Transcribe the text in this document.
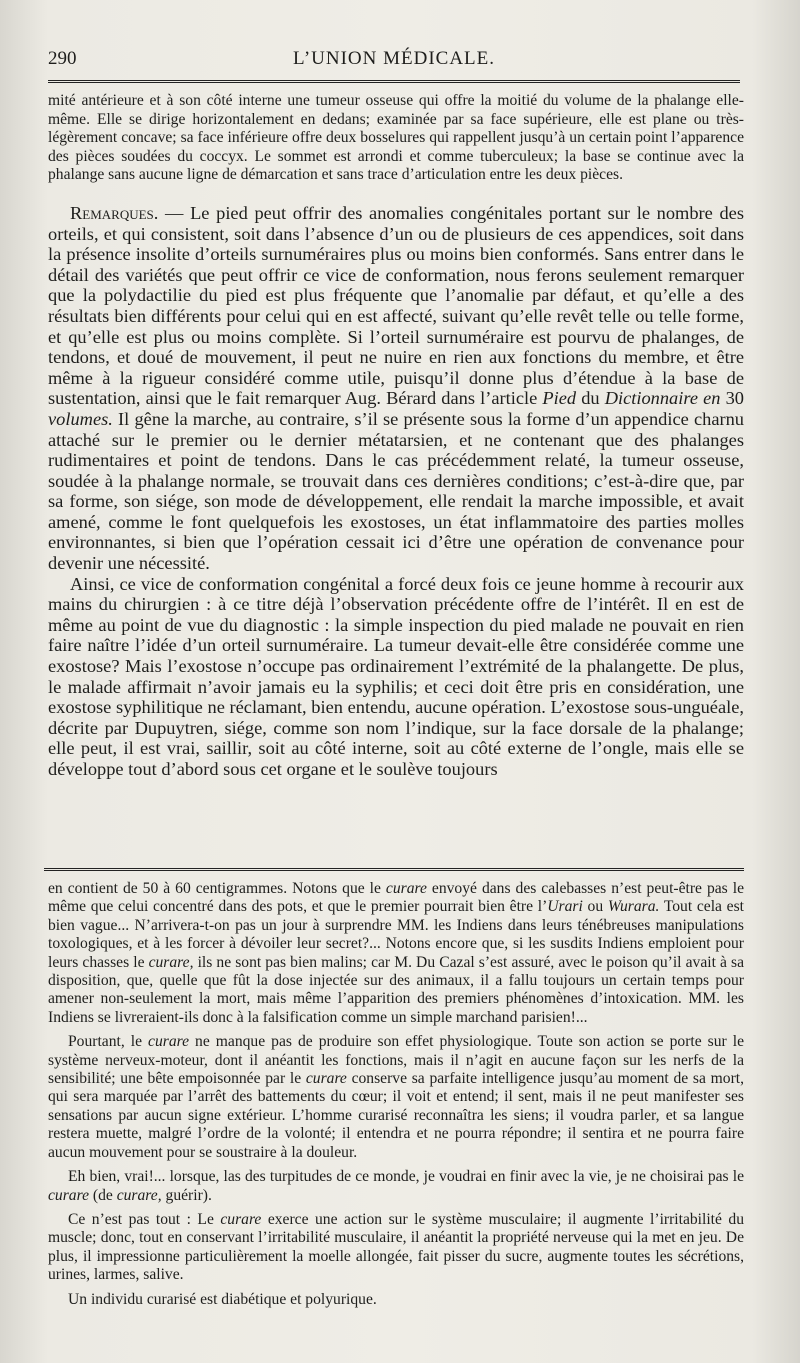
290	L’UNION MÉDICALE.

mité antérieure et à son côté interne une tumeur osseuse qui offre la moitié du volume de la phalange elle-même. Elle se dirige horizontalement en dedans; examinée par sa face supérieure, elle est plane ou très-légèrement concave; sa face inférieure offre deux bosselures qui rappellent jusqu’à un certain point l’apparence des pièces soudées du coccyx. Le sommet est arrondi et comme tuberculeux; la base se continue avec la phalange sans aucune ligne de démarcation et sans trace d’articulation entre les deux pièces.

Remarques. — Le pied peut offrir des anomalies congénitales portant sur le nombre des orteils, et qui consistent, soit dans l’absence d’un ou de plusieurs de ces appendices, soit dans la présence insolite d’orteils surnuméraires plus ou moins bien conformés. Sans entrer dans le détail des variétés que peut offrir ce vice de conformation, nous ferons seulement remarquer que la polydactilie du pied est plus fréquente que l’anomalie par défaut, et qu’elle a des résultats bien différents pour celui qui en est affecté, suivant qu’elle revêt telle ou telle forme, et qu’elle est plus ou moins complète. Si l’orteil surnuméraire est pourvu de phalanges, de tendons, et doué de mouvement, il peut ne nuire en rien aux fonctions du membre, et être même à la rigueur considéré comme utile, puisqu’il donne plus d’étendue à la base de sustentation, ainsi que le fait remarquer Aug. Bérard dans l’article Pied du Dictionnaire en 30 volumes. Il gêne la marche, au contraire, s’il se présente sous la forme d’un appendice charnu attaché sur le premier ou le dernier métatarsien, et ne contenant que des phalanges rudimentaires et point de tendons. Dans le cas précédemment relaté, la tumeur osseuse, soudée à la phalange normale, se trouvait dans ces dernières conditions; c’est-à-dire que, par sa forme, son siége, son mode de développement, elle rendait la marche impossible, et avait amené, comme le font quelquefois les exostoses, un état inflammatoire des parties molles environnantes, si bien que l’opération cessait ici d’être une opération de convenance pour devenir une nécessité.

Ainsi, ce vice de conformation congénital a forcé deux fois ce jeune homme à recourir aux mains du chirurgien : à ce titre déjà l’observation précédente offre de l’intérêt. Il en est de même au point de vue du diagnostic : la simple inspection du pied malade ne pouvait en rien faire naître l’idée d’un orteil surnuméraire. La tumeur devait-elle être considérée comme une exostose? Mais l’exostose n’occupe pas ordinairement l’extrémité de la phalangette. De plus, le malade affirmait n’avoir jamais eu la syphilis; et ceci doit être pris en considération, une exostose syphilitique ne réclamant, bien entendu, aucune opération. L’exostose sous-unguéale, décrite par Dupuytren, siége, comme son nom l’indique, sur la face dorsale de la phalange; elle peut, il est vrai, saillir, soit au côté interne, soit au côté externe de l’ongle, mais elle se développe tout d’abord sous cet organe et le soulève toujours

en contient de 50 à 60 centigrammes. Notons que le curare envoyé dans des calebasses n’est peut-être pas le même que celui concentré dans des pots, et que le premier pourrait bien être l’Urari ou Wurara. Tout cela est bien vague... N’arrivera-t-on pas un jour à surprendre MM. les Indiens dans leurs ténébreuses manipulations toxologiques, et à les forcer à dévoiler leur secret?... Notons encore que, si les susdits Indiens emploient pour leurs chasses le curare, ils ne sont pas bien malins; car M. Du Cazal s’est assuré, avec le poison qu’il avait à sa disposition, que, quelle que fût la dose injectée sur des animaux, il a fallu toujours un certain temps pour amener non-seulement la mort, mais même l’apparition des premiers phénomènes d’intoxication. MM. les Indiens se livreraient-ils donc à la falsification comme un simple marchand parisien!...

Pourtant, le curare ne manque pas de produire son effet physiologique. Toute son action se porte sur le système nerveux-moteur, dont il anéantit les fonctions, mais il n’agit en aucune façon sur les nerfs de la sensibilité; une bête empoisonnée par le curare conserve sa parfaite intelligence jusqu’au moment de sa mort, qui sera marquée par l’arrêt des battements du cœur; il voit et entend; il sent, mais il ne peut manifester ses sensations par aucun signe extérieur. L’homme curarisé reconnaîtra les siens; il voudra parler, et sa langue restera muette, malgré l’ordre de la volonté; il entendra et ne pourra répondre; il sentira et ne pourra faire aucun mouvement pour se soustraire à la douleur.

Eh bien, vrai!... lorsque, las des turpitudes de ce monde, je voudrai en finir avec la vie, je ne choisirai pas le curare (de curare, guérir).

Ce n’est pas tout : Le curare exerce une action sur le système musculaire; il augmente l’irritabilité du muscle; donc, tout en conservant l’irritabilité musculaire, il anéantit la propriété nerveuse qui la met en jeu. De plus, il impressionne particulièrement la moelle allongée, fait pisser du sucre, augmente toutes les sécrétions, urines, larmes, salive.

Un individu curarisé est diabétique et polyurique.
